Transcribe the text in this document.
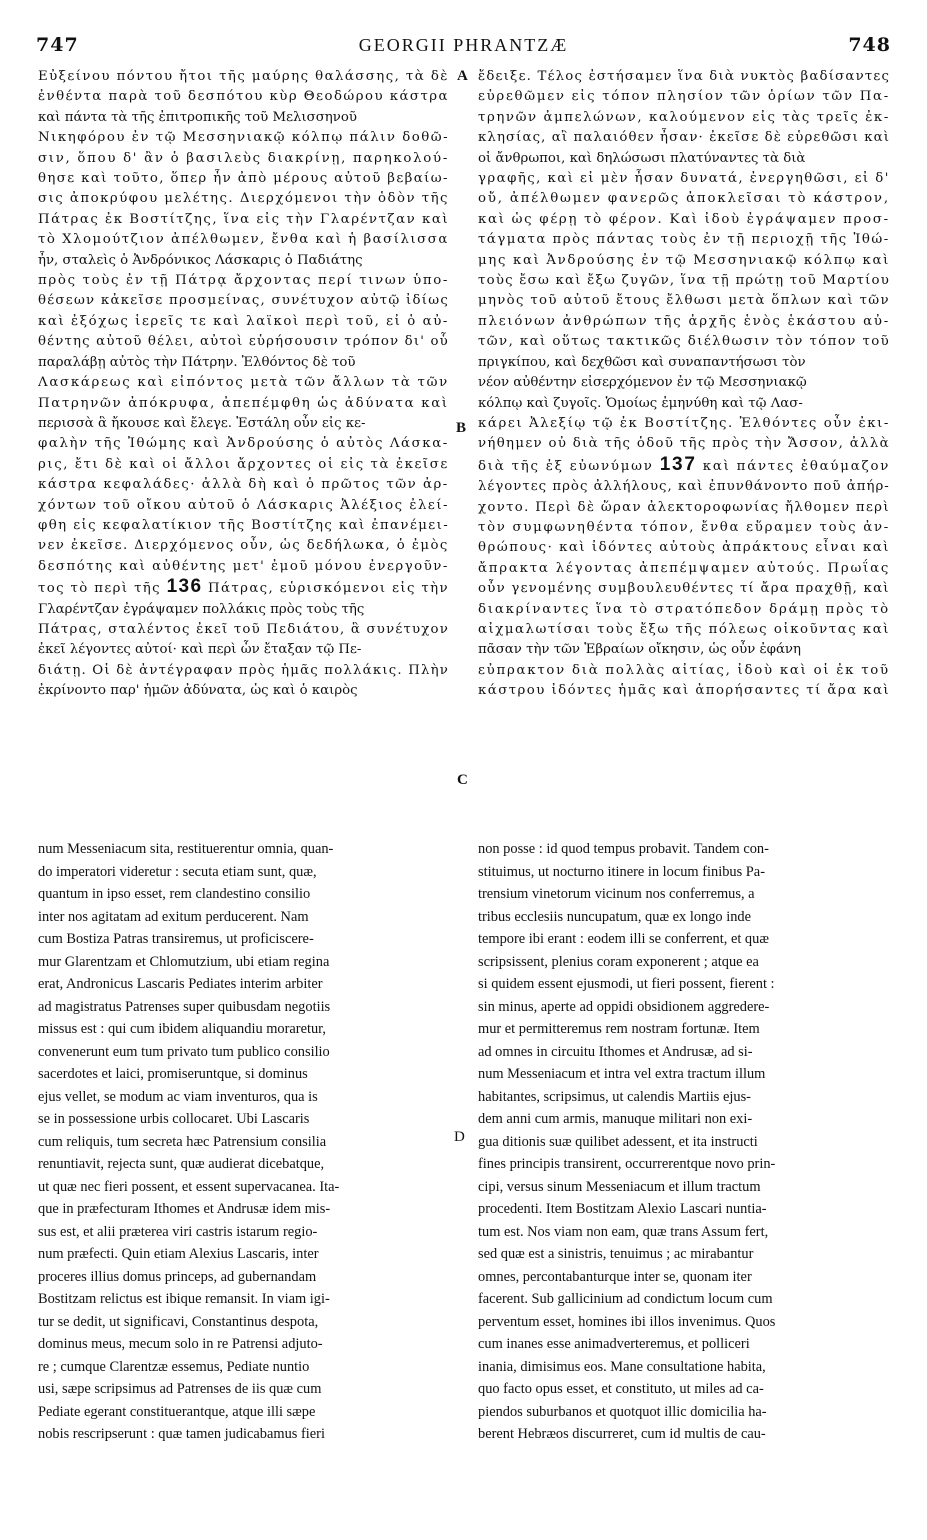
747	GEORGII PHRANTZÆ	748
Εὐξείνου πόντου ἤτοι τῆς μαύρης θαλάσσης, τὰ δὲ
ἐνθέντα παρὰ τοῦ δεσπότου κὺρ Θεοδώρου κάστρα
καὶ πάντα τὰ τῆς ἐπιτροπικῆς τοῦ Μελισσηνοῦ
Νικηφόρου ἐν τῷ Μεσσηνιακῷ κόλπῳ πάλιν δοθῶ-
σιν, ὅπου δ' ἂν ὁ βασιλεὺς διακρίνῃ, παρηκολού-
θησε καὶ τοῦτο, ὅπερ ἦν ἀπὸ μέρους αὐτοῦ βεβαίω-
σις ἀποκρύφου μελέτης. Διερχόμενοι τὴν ὁδὸν τῆς
Πάτρας ἐκ Βοστίτζης, ἵνα εἰς τὴν Γλαρέντζαν καὶ
τὸ Χλομούτζιον ἀπέλθωμεν, ἔνθα καὶ ἡ βασίλισσα
ἦν, σταλεὶς ὁ Ἀνδρόνικος Λάσκαρις ὁ Παδιάτης
πρὸς τοὺς ἐν τῇ Πάτρᾳ ἄρχοντας περί τινων ὑπο-
θέσεων κἀκεῖσε προσμείνας, συνέτυχον αὐτῷ ἰδίως
καὶ ἐξόχως ἱερεῖς τε καὶ λαϊκοὶ περὶ τοῦ, εἰ ὁ αὐ-
θέντης αὐτοῦ θέλει, αὐτοὶ εὑρήσουσιν τρόπον δι' οὗ
παραλάβῃ αὐτὸς τὴν Πάτρην. Ἐλθόντος δὲ τοῦ
Λασκάρεως καὶ εἰπόντος μετὰ τῶν ἄλλων τὰ τῶν
Πατρηνῶν ἀπόκρυφα, ἀπεπέμφθη ὡς ἀδύνατα καὶ
περισσὰ ἃ ἤκουσε καὶ ἔλεγε. Ἐστάλη οὖν εἰς κε-
φαλὴν τῆς Ἰθώμης καὶ Ἀνδρούσης ὁ αὐτὸς Λάσκα-
ρις, ἔτι δὲ καὶ οἱ ἄλλοι ἄρχοντες οἱ εἰς τὰ ἐκεῖσε
κάστρα κεφαλάδες· ἀλλὰ δὴ καὶ ὁ πρῶτος τῶν ἀρ-
χόντων τοῦ οἴκου αὐτοῦ ὁ Λάσκαρις Ἀλέξιος ἐλεί-
φθη εἰς κεφαλατίκιον τῆς Βοστίτζης καὶ ἐπανέμει-
νεν ἐκεῖσε. Διερχόμενος οὖν, ὡς δεδήλωκα, ὁ ἐμὸς
δεσπότης καὶ αὐθέντης μετ' ἐμοῦ μόνου ἐνεργοῦν-
τος τὸ περὶ τῆς 136 Πάτρας, εὑρισκόμενοι εἰς τὴν
Γλαρέντζαν ἐγράψαμεν πολλάκις πρὸς τοὺς τῆς
Πάτρας, σταλέντος ἐκεῖ τοῦ Πεδιάτου, ἃ συνέτυχον
ἐκεῖ λέγοντες αὐτοί· καὶ περὶ ὧν ἔταξαν τῷ Πε-
διάτῃ. Οἱ δὲ ἀντέγραφαν πρὸς ἡμᾶς πολλάκις. Πλὴν
ἐκρίνοντο παρ' ἡμῶν ἀδύνατα, ὡς καὶ ὁ καιρὸς
ἔδειξε. Τέλος ἐστήσαμεν ἵνα διὰ νυκτὸς βαδίσαντες
εὑρεθῶμεν εἰς τόπον πλησίον τῶν ὁρίων τῶν Πα-
τρηνῶν ἀμπελώνων, καλούμενον εἰς τὰς τρεῖς ἐκ-
κλησίας, αἳ παλαιόθεν ἦσαν· ἐκεῖσε δὲ εὑρεθῶσι καὶ
οἱ ἄνθρωποι, καὶ δηλώσωσι πλατύναντες τὰ διὰ
γραφῆς, καὶ εἰ μὲν ἦσαν δυνατά, ἐνεργηθῶσι, εἰ δ'
οὔ, ἀπέλθωμεν φανερῶς ἀποκλεῖσαι τὸ κάστρον,
καὶ ὡς φέρῃ τὸ φέρον. Καὶ ἰδοὺ ἐγράψαμεν προσ-
τάγματα πρὸς πάντας τοὺς ἐν τῇ περιοχῇ τῆς Ἰθώ-
μης καὶ Ἀνδρούσης ἐν τῷ Μεσσηνιακῷ κόλπῳ καὶ
τοὺς ἔσω καὶ ἔξω ζυγῶν, ἵνα τῇ πρώτῃ τοῦ Μαρτίου
μηνὸς τοῦ αὐτοῦ ἔτους ἔλθωσι μετὰ ὅπλων καὶ τῶν
πλειόνων ἀνθρώπων τῆς ἀρχῆς ἑνὸς ἑκάστου αὐ-
τῶν, καὶ οὕτως τακτικῶς διέλθωσιν τὸν τόπον τοῦ
πριγκίπου, καὶ δεχθῶσι καὶ συναπαντήσωσι τὸν
νέον αὐθέντην εἰσερχόμενον ἐν τῷ Μεσσηνιακῷ
κόλπῳ καὶ ζυγοῖς. Ὁμοίως ἐμηνύθη καὶ τῷ Λασ-
κάρει Ἀλεξίῳ τῷ ἐκ Βοστίτζης. Ἐλθόντες οὖν ἐκι-
νήθημεν οὐ διὰ τῆς ὁδοῦ τῆς πρὸς τὴν Ἄσσον, ἀλλὰ
διὰ τῆς ἐξ εὐωνύμων 137 καὶ πάντες ἐθαύμαζον
λέγοντες πρὸς ἀλλήλους, καὶ ἐπυνθάνοντο ποῦ ἀπήρ-
χοντο. Περὶ δὲ ὥραν ἀλεκτοροφωνίας ἤλθομεν περὶ
τὸν συμφωνηθέντα τόπον, ἔνθα εὕραμεν τοὺς ἀν-
θρώπους· καὶ ἰδόντες αὐτοὺς ἀπράκτους εἶναι καὶ
ἄπρακτα λέγοντας ἀπεπέμψαμεν αὐτούς. Πρωΐας
οὖν γενομένης συμβουλευθέντες τί ἄρα πραχθῇ, καὶ
διακρίναντες ἵνα τὸ στρατόπεδον δράμῃ πρὸς τὸ
αἰχμαλωτίσαι τοὺς ἔξω τῆς πόλεως οἰκοῦντας καὶ
πᾶσαν τὴν τῶν Ἑβραίων οἴκησιν, ὡς οὖν ἐφάνη
εὐπρακτον διὰ πολλὰς αἰτίας, ἰδοὺ καὶ οἱ ἐκ τοῦ
κάστρου ἰδόντες ἡμᾶς καὶ ἀπορήσαντες τί ἄρα καὶ
num Messeniacum sita, restituerentur omnia, quan-
do imperatori videretur : secuta etiam sunt, quæ,
quantum in ipso esset, rem clandestino consilio
inter nos agitatam ad exitum perducerent. Nam
cum Bostiza Patras transiremus, ut proficiscere-
mur Glarentzam et Chlomutzium, ubi etiam regina
erat, Andronicus Lascaris Pediates interim arbiter
ad magistratus Patrenses super quibusdam negotiis
missus est : qui cum ibidem aliquandiu moraretur,
convenerunt eum tum privato tum publico consilio
sacerdotes et laici, promiseruntque, si dominus
ejus vellet, se modum ac viam inventuros, qua is
se in possessione urbis collocaret. Ubi Lascaris
cum reliquis, tum secreta hæc Patrensium consilia
renuntiavit, rejecta sunt, quæ audierat dicebatque,
ut quæ nec fieri possent, et essent supervacanea. Ita-
que in præfecturam Ithomes et Andrusæ idem mis-
sus est, et alii præterea viri castris istarum regio-
num præfecti. Quin etiam Alexius Lascaris, inter
proceres illius domus princeps, ad gubernandam
Bostitzam relictus est ibique remansit. In viam igi-
tur se dedit, ut significavi, Constantinus despota,
dominus meus, mecum solo in re Patrensi adjuto-
re ; cumque Clarentzæ essemus, Pediate nuntio
usi, sæpe scripsimus ad Patrenses de iis quæ cum
Pediate egerant constituerantque, atque illi sæpe
nobis rescripserunt : quæ tamen judicabamus fieri
non posse : id quod tempus probavit. Tandem con-
stituimus, ut nocturno itinere in locum finibus Pa-
trensium vinetorum vicinum nos conferremus, a
tribus ecclesiis nuncupatum, quæ ex longo inde
tempore ibi erant : eodem illi se conferrent, et quæ
scripsissent, plenius coram exponerent ; atque ea
si quidem essent ejusmodi, ut fieri possent, fierent :
sin minus, aperte ad oppidi obsidionem aggredere-
mur et permitteremus rem nostram fortunæ. Item
ad omnes in circuitu Ithomes et Andrusæ, ad si-
num Messeniacum et intra vel extra tractum illum
habitantes, scripsimus, ut calendis Martiis ejus-
dem anni cum armis, manuque militari non exi-
gua ditionis suæ quilibet adessent, et ita instructi
fines principis transirent, occurrerentque novo prin-
cipi, versus sinum Messeniacum et illum tractum
procedenti. Item Bostitzam Alexio Lascari nuntia-
tum est. Nos viam non eam, quæ trans Assum fert,
sed quæ est a sinistris, tenuimus ; ac mirabantur
omnes, percontabanturque inter se, quonam iter
facerent. Sub gallicinium ad condictum locum cum
perventum esset, homines ibi illos invenimus. Quos
cum inanes esse animadverteremus, et polliceri
inania, dimisimus eos. Mane consultatione habita,
quo facto opus esset, et constituto, ut miles ad ca-
piendos suburbanos et quotquot illic domicilia ha-
berent Hebræos discurreret, cum id multis de cau-
A
B
C
D
